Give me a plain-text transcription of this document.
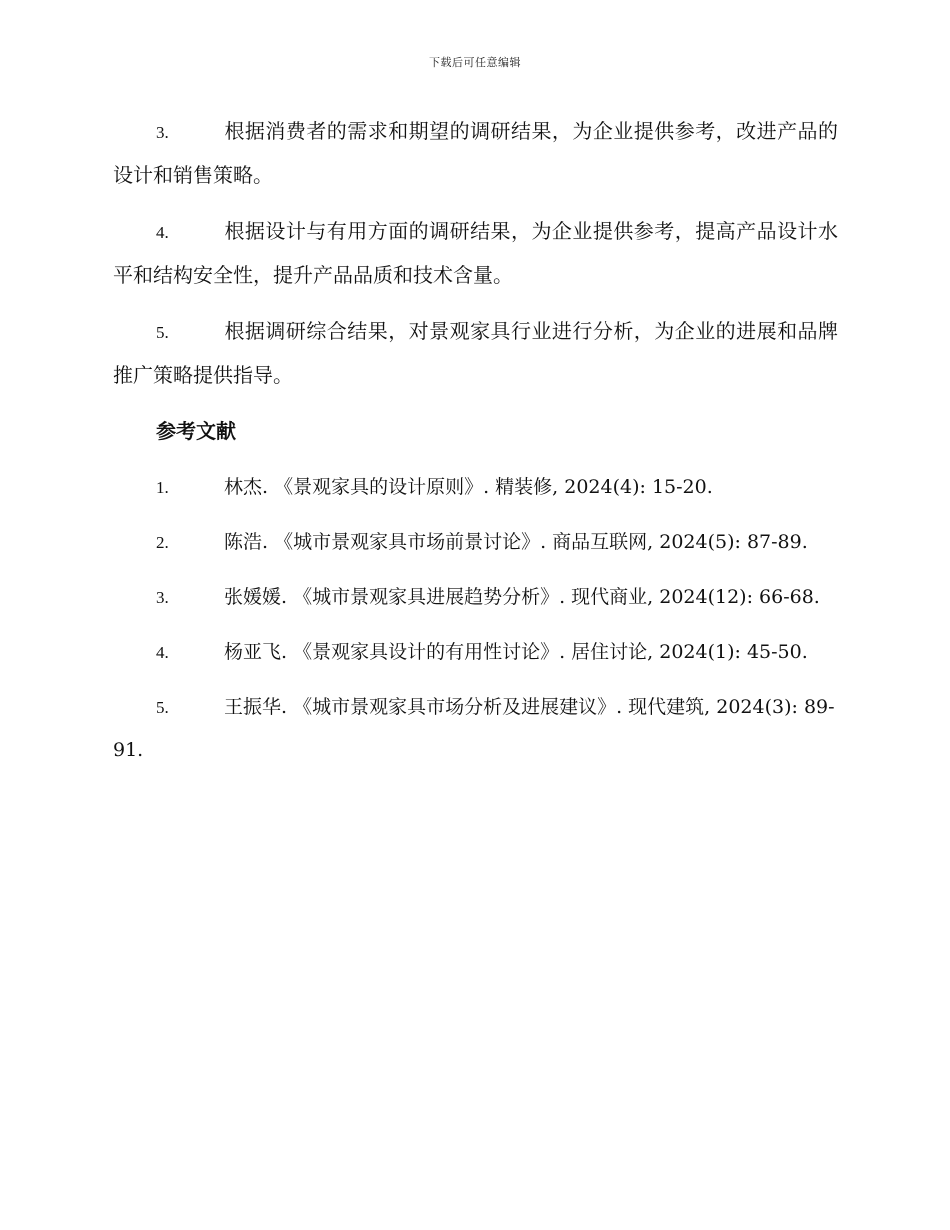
下载后可任意编辑

3.	根据消费者的需求和期望的调研结果，为企业提供参考，改进产品的设计和销售策略。

4.	根据设计与有用方面的调研结果，为企业提供参考，提高产品设计水平和结构安全性，提升产品品质和技术含量。

5.	根据调研综合结果，对景观家具行业进行分析，为企业的进展和品牌推广策略提供指导。

参考文献

1.	林杰. 《景观家具的设计原则》. 精装修, 2024(4): 15-20.

2.	陈浩. 《城市景观家具市场前景讨论》. 商品互联网, 2024(5): 87-89.

3.	张媛媛. 《城市景观家具进展趋势分析》. 现代商业, 2024(12): 66-68.

4.	杨亚飞. 《景观家具设计的有用性讨论》. 居住讨论, 2024(1): 45-50.

5.	王振华. 《城市景观家具市场分析及进展建议》. 现代建筑, 2024(3): 89-91.
